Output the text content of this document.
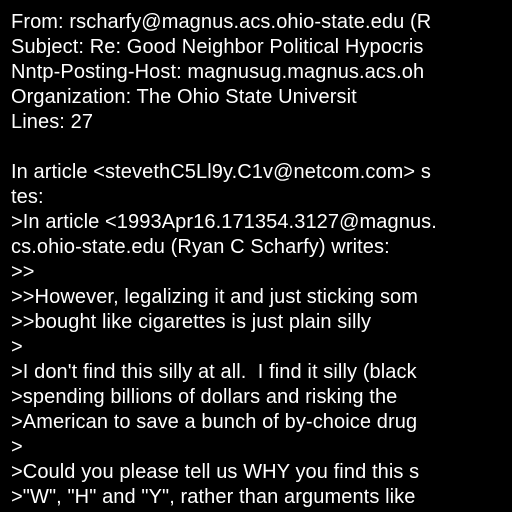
From: rscharfy@magnus.acs.ohio-state.edu (R
Subject: Re: Good Neighbor Political Hypocris
Nntp-Posting-Host: magnusug.magnus.acs.oh
Organization: The Ohio State Universit
Lines: 27
In article <stevethC5Ll9y.C1v@netcom.com> s
tes:
>In article <1993Apr16.171354.3127@magnus.
cs.ohio-state.edu (Ryan C Scharfy) writes:
>>
>>However, legalizing it and just sticking som
>>bought like cigarettes is just plain silly
>
>I don't find this silly at all.  I find it silly (black
>spending billions of dollars and risking the
>American to save a bunch of by-choice drug
>
>Could you please tell us WHY you find this s
>"W", "H" and "Y", rather than arguments like
